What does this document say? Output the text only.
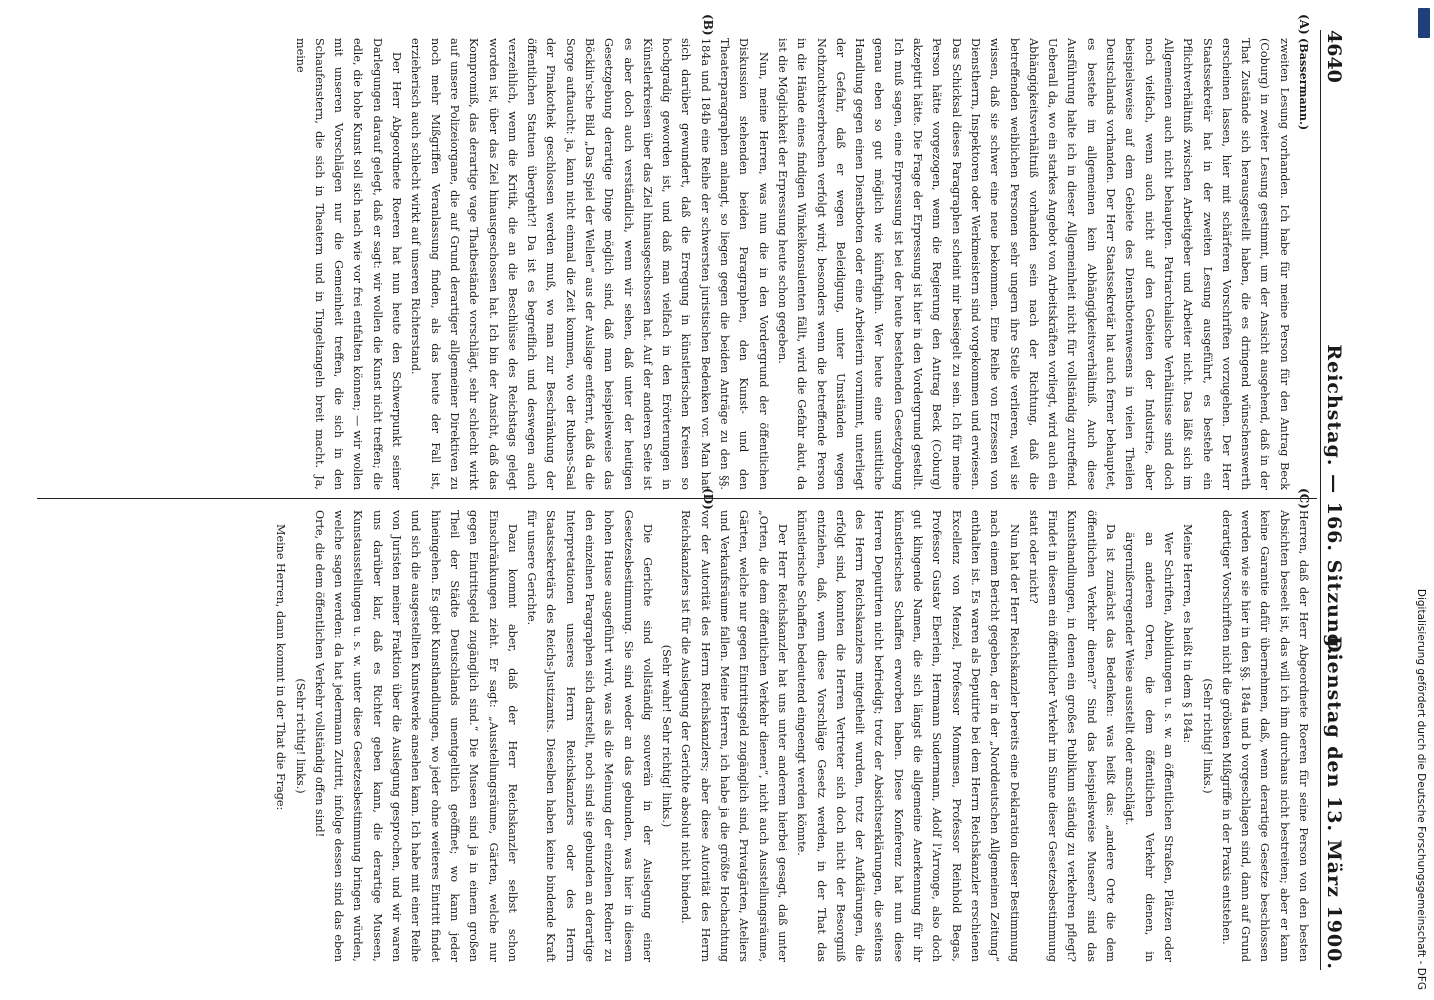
4640
Reichstag. — 166. Sitzung.
Dienstag den 13. März 1900.
(A)
(B)
(C)
(D)

(Bassermann.)

zweiten Lesung vorhanden. Ich habe für meine Person für den Antrag Beck (Coburg) in zweiter Lesung gestimmt, um der Ansicht ausgehend, daß in der That Zustände sich herausgestellt haben, die es dringend wünschenswerth erscheinen lassen, hier mit schärferen Vorschriften vorzugehen. Der Herr Staatssekretär hat in der zweiten Lesung ausgeführt, es bestehe ein Pflichtverhältniß zwischen Arbeitgeber und Arbeiter nicht. Das läßt sich im Allgemeinen auch nicht behaupten. Patriarchalische Verhältnisse sind doch noch vielfach, wenn auch nicht auf den Gebieten der Industrie, aber beispielsweise auf dem Gebiete des Dienstbotenwesens in vielen Theilen Deutschlands vorhanden. Der Herr Staatssekretär hat auch ferner behauptet, es bestehe im allgemeinen kein Abhängigkeitsverhältniß. Auch diese Ausführung halte ich in dieser Allgemeinheit nicht für vollständig zutreffend. Ueberall da, wo ein starkes Angebot von Arbeitskräften vorliegt, wird auch ein Abhängigkeitsverhältniß vorhanden sein nach der Richtung, daß die betreffenden weiblichen Personen sehr ungern ihre Stelle verlieren, weil sie wissen, daß sie schwer eine neue bekommen. Eine Reihe von Erzessen von Dienstherrn, Inspektoren oder Werkmeistern sind vorgekommen und erwiesen. Das Schicksal dieses Paragraphen scheint mir besiegelt zu sein. Ich für meine Person hätte vorgezogen, wenn die Regierung den Antrag Beck (Coburg) akzeptirt hätte. Die Frage der Erpressung ist hier in den Vordergrund gestellt. Ich muß sagen, eine Erpressung ist bei der heute bestehenden Gesetzgebung genau eben so gut möglich wie künftighin. Wer heute eine unsittliche Handlung gegen einen Dienstboten oder eine Arbeiterin vornimmt, unterliegt der Gefahr, daß er wegen Beleidigung, unter Umständen wegen Nothzuchtsverbrechen verfolgt wird; besonders wenn die betreffende Person in die Hände eines findigen Winkelkonsulenten fällt, wird die Gefahr akut, da ist die Möglichkeit der Erpressung heute schon gegeben.

Nun, meine Herren, was nun die in den Vordergrund der öffentlichen Diskussion stehenden beiden Paragraphen, den Kunst- und den Theaterparagraphen anlangt, so liegen gegen die beiden Anträge zu den §§. 184a und 184b eine Reihe der schwersten juristischen Bedenken vor. Man hat sich darüber gewundert, daß die Erregung in künstlerischen Kreisen so hochgradig geworden ist, und daß man vielfach in den Erörterungen in Künstlerkreisen über das Ziel hinausgeschossen hat. Auf der anderen Seite ist es aber doch auch verständlich, wenn wir sehen, daß unter der heutigen Gesetzgebung derartige Dinge möglich sind, daß man beispielsweise das Böcklin'sche Bild „Das Spiel der Wellen“ aus der Auslage entfernt, daß da die Sorge auftaucht: ja, kann nicht einmal die Zeit kommen, wo der Rubens-Saal der Pinakothek geschlossen werden muß, wo man zur Beschränkung der öffentlichen Statuen übergeht?! Da ist es begreiflich und deswegen auch verzeihlich, wenn die Kritik, die an die Beschlüsse des Reichstags gelegt worden ist, über das Ziel hinausgeschossen hat. Ich bin der Ansicht, daß das Kompromiß, das derartige vage Thatbestände vorschlägt, sehr schlecht wirkt auf unsere Polizeiorgane, die auf Grund derartiger allgemeiner Direktiven zu noch mehr Mißgriffen Veranlassung finden, als das heute der Fall ist, erzieherisch auch schlecht wirkt auf unseren Richterstand.

Der Herr Abgeordnete Roeren hat nun heute den Schwerpunkt seiner Darlegungen darauf gelegt, daß er sagt: wir wollen die Kunst nicht treffen; die edle, die hohe Kunst soll sich nach wie vor frei entfalten können; — wir wollen mit unseren Vorschlägen nur die Gemeinheit treffen, die sich in den Schaufenstern, die sich in Theatern und in Tingeltangeln breit macht. Ja, meine

Herren, daß der Herr Abgeordnete Roeren für seine Person von den besten Absichten beseelt ist, das will ich ihm durchaus nicht bestreiten; aber er kann keine Garantie dafür übernehmen, daß, wenn derartige Gesetze beschlossen werden wie sie hier in den §§. 184a und b vorgeschlagen sind, dann auf Grund derartiger Vorschriften nicht die gröbsten Mißgriffe in der Praxis entstehen.

(Sehr richtig! links.)

Meine Herren, es heißt in dem § 184a:

Wer Schriften, Abbildungen u. s. w. an öffentlichen Straßen, Plätzen oder an anderen Orten, die dem öffentlichen Verkehr dienen, in ärgernißerregender Weise ausstellt oder anschlägt.

Da ist zunächst das Bedenken: was heißt das: „andere Orte die dem öffentlichen Verkehr dienen?“ Sind das beispielsweise Museen? sind das Kunsthandlungen, in denen ein großes Publikum ständig zu verkehren pflegt? Findet in diesem ein öffentlicher Verkehr im Sinne dieser Gesetzesbestimmung statt oder nicht?

Nun hat der Herr Reichskanzler bereits eine Deklaration dieser Bestimmung nach einem Bericht gegeben, der in der „Norddeutschen Allgemeinen Zeitung“ enthalten ist. Es waren als Deputirte bei dem Herrn Reichskanzler erschienen Excellenz von Menzel, Professor Mommsen, Professor Reinhold Begas, Professor Gustav Eberlein, Hermann Sudermann, Adolf l'Arronge, also doch gut klingende Namen, die sich längst die allgemeine Anerkennung für ihr künstlerisches Schaffen erworben haben. Diese Konferenz hat nun diese Herren Deputirten nicht befriedigt; trotz der Absichtserklärungen, die seitens des Herrn Reichskanzlers mitgetheilt wurden, trotz der Aufklärungen, die erfolgt sind, konnten die Herren Vertreter sich doch nicht der Besorgniß entziehen, daß, wenn diese Vorschläge Gesetz werden, in der That das künstlerische Schaffen bedeutend eingeengt werden könnte.

Der Herr Reichskanzler hat uns unter anderem hierbei gesagt, daß unter „Orten, die dem öffentlichen Verkehr dienen“, nicht auch Ausstellungsräume, Gärten, welche nur gegen Eintrittsgeld zugänglich sind, Privatgärten, Ateliers und Verkaufsräume fallen. Meine Herren, ich habe ja die größte Hochachtung vor der Autorität des Herrn Reichskanzlers; aber diese Autorität des Herrn Reichskanzlers ist für die Auslegung der Gerichte absolut nicht bindend.

(Sehr wahr! Sehr richtig! links.)

Die Gerichte sind vollständig souverän in der Auslegung einer Gesetzesbestimmung. Sie sind weder an das gebunden, was hier in diesem hohen Hause ausgeführt wird, was als die Meinung der einzelnen Redner zu den einzelnen Paragraphen sich darstellt, noch sind sie gebunden an derartige Interpretationen unseres Herrn Reichskanzlers oder des Herrn Staatssekretärs des Reichs-Justizamts. Dieselben haben keine bindende Kraft für unsere Gerichte.

Dazu kommt aber, daß der Herr Reichskanzler selbst schon Einschränkungen zieht. Er sagt: „Ausstellungsräume, Gärten, welche nur gegen Eintrittsgeld zugänglich sind.“ Die Museen sind ja in einem großen Theil der Städte Deutschlands unentgeltlich geöffnet; wo kann jeder hineingehen. Es giebt Kunsthandlungen, wo jeder ohne weiteres Eintritt findet und sich die ausgestellten Kunstwerke ansehen kann. Ich habe mit einer Reihe von Juristen meiner Fraktion über die Auslegung gesprochen, und wir waren uns darüber klar, daß es Richter geben kann, die derartige Museen, Kunstausstellungen u. s. w. unter diese Gesetzesbestimmung bringen würden, welche sagen werden: da hat jedermann Zutritt, infolge dessen sind das eben Orte, die dem öffentlichen Verkehr vollständig offen sind!

(Sehr richtig! links.)

Meine Herren, dann kommt in der That die Frage:	Digitalisierung gefördert durch die Deutsche Forschungsgemeinschaft - DFG
